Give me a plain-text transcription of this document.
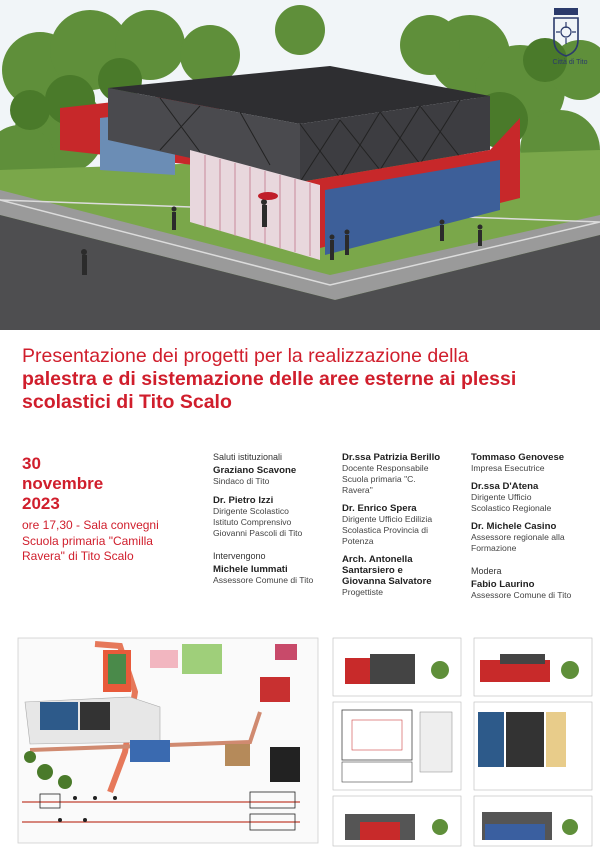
Città di Tito
Presentazione dei progetti per la realizzazione della
palestra e di sistemazione delle aree esterne ai plessi
scolastici di Tito Scalo
30
novembre
2023
ore 17,30 - Sala convegni
Scuola primaria "Camilla
Ravera" di Tito Scalo
Saluti istituzionali
Graziano Scavone
Sindaco di Tito
Dr. Pietro Izzi
Dirigente Scolastico
Istituto Comprensivo
Giovanni Pascoli di Tito
Intervengono
Michele Iummati
Assessore Comune di Tito
Dr.ssa Patrizia Berillo
Docente Responsabile
Scuola primaria "C.
Ravera"
Dr. Enrico Spera
Dirigente Ufficio Edilizia
Scolastica Provincia di
Potenza
Arch. Antonella
Santarsiero e
Giovanna Salvatore
Progettiste
Tommaso Genovese
Impresa Esecutrice
Dr.ssa D'Atena
Dirigente Ufficio
Scolastico Regionale
Dr. Michele Casino
Assessore regionale alla
Formazione
Modera
Fabio Laurino
Assessore Comune di Tito
